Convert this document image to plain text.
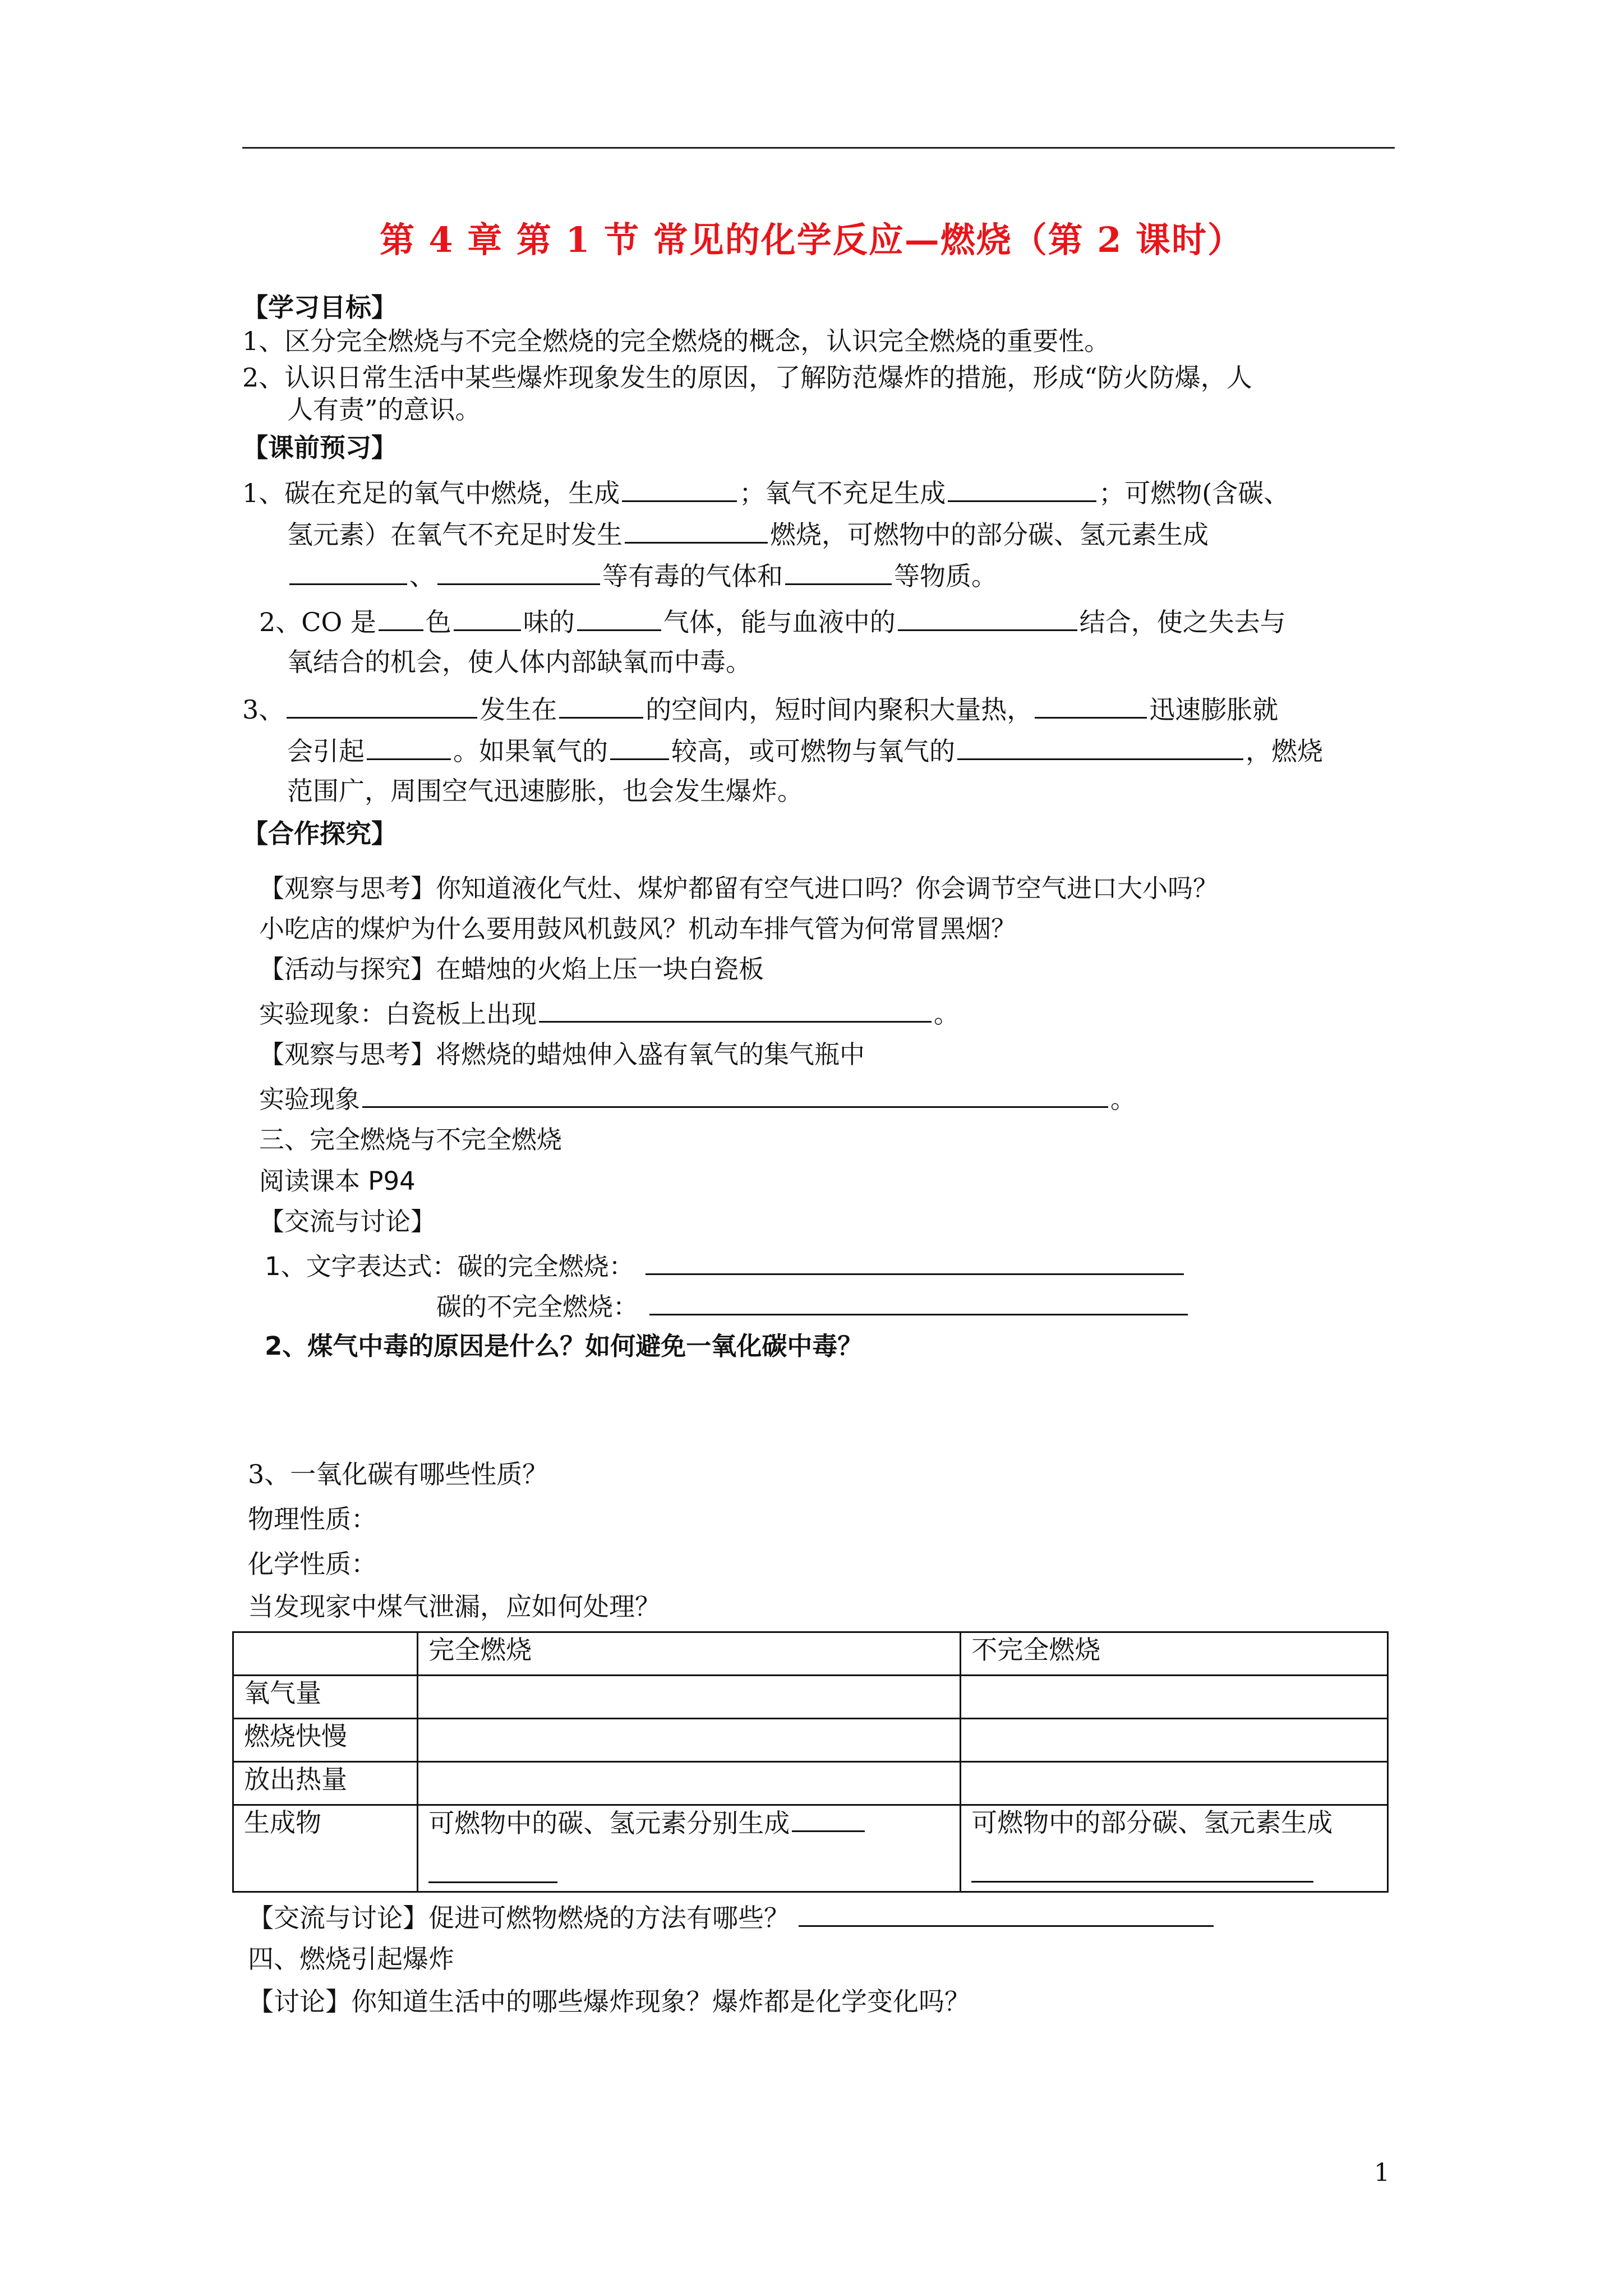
第 4 章 第 1 节 常见的化学反应—燃烧（第 2 课时）
【学习目标】
1、区分完全燃烧与不完全燃烧的完全燃烧的概念，认识完全燃烧的重要性。
2、认识日常生活中某些爆炸现象发生的原因，了解防范爆炸的措施，形成“防火防爆，人
人有责”的意识。
【课前预习】
1、碳在充足的氧气中燃烧，生成	；氧气不充足生成	；可燃物(含碳、
氢元素）在氧气不充足时发生	燃烧，可燃物中的部分碳、氢元素生成
、	等有毒的气体和	等物质。
2、CO 是 色	味的	气体，能与血液中的	结合，使之失去与
氧结合的机会，使人体内部缺氧而中毒。
3、	发生在	的空间内，短时间内聚积大量热，	迅速膨胀就
会引起	。如果氧气的 较高，或可燃物与氧气的	，燃烧
范围广，周围空气迅速膨胀，也会发生爆炸。
【合作探究】
【观察与思考】你知道液化气灶、煤炉都留有空气进口吗？你会调节空气进口大小吗？
小吃店的煤炉为什么要用鼓风机鼓风？机动车排气管为何常冒黑烟？
【活动与探究】在蜡烛的火焰上压一块白瓷板
实验现象：白瓷板上出现	。
【观察与思考】将燃烧的蜡烛伸入盛有氧气的集气瓶中
实验现象	。
三、完全燃烧与不完全燃烧
阅读课本 P94
【交流与讨论】
1、文字表达式：碳的完全燃烧：
碳的不完全燃烧：
2、煤气中毒的原因是什么？如何避免一氧化碳中毒？
3、一氧化碳有哪些性质？
物理性质：
化学性质：
当发现家中煤气泄漏，应如何处理？
	完全燃烧	不完全燃烧
氧气量		
燃烧快慢		
放出热量		
生成物	可燃物中的碳、氢元素分别生成	可燃物中的部分碳、氢元素生成
【交流与讨论】促进可燃物燃烧的方法有哪些？
四、燃烧引起爆炸
【讨论】你知道生活中的哪些爆炸现象？爆炸都是化学变化吗？
1
